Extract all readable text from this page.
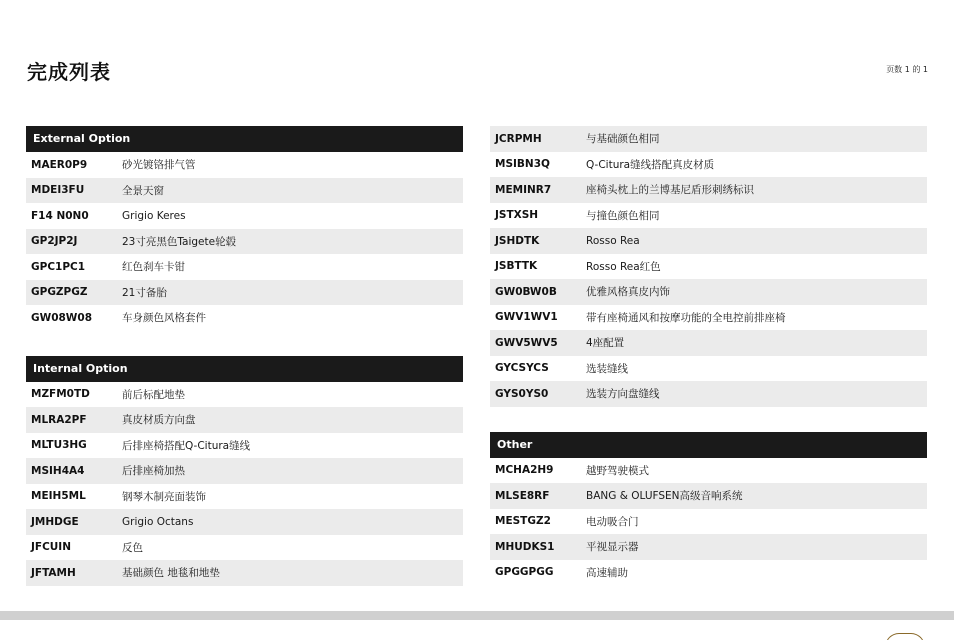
完成列表	页数 1 的 1
External Option
MAER0P9	砂光镀铬排气管
MDEI3FU	全景天窗
F14 N0N0	Grigio Keres
GP2JP2J	23寸亮黑色Taigete轮毂
GPC1PC1	红色刹车卡钳
GPGZPGZ	21寸备胎
GW08W08	车身颜色风格套件
Internal Option
MZFM0TD	前后标配地垫
MLRA2PF	真皮材质方向盘
MLTU3HG	后排座椅搭配Q-Citura缝线
MSIH4A4	后排座椅加热
MEIH5ML	钢琴木制亮面装饰
JMHDGE	Grigio Octans
JFCUIN	反色
JFTAMH	基础颜色 地毯和地垫
JCRPMH	与基础颜色相同
MSIBN3Q	Q-Citura缝线搭配真皮材质
MEMINR7	座椅头枕上的兰博基尼盾形刺绣标识
JSTXSH	与撞色颜色相同
JSHDTK	Rosso Rea
JSBTTK	Rosso Rea红色
GW0BW0B	优雅风格真皮内饰
GWV1WV1	带有座椅通风和按摩功能的全电控前排座椅
GWV5WV5	4座配置
GYCSYCS	选装缝线
GYS0YS0	选装方向盘缝线
Other
MCHA2H9	越野驾驶模式
MLSE8RF	BANG & OLUFSEN高级音响系统
MESTGZ2	电动吸合门
MHUDKS1	平视显示器
GPGGPGG	高速辅助
